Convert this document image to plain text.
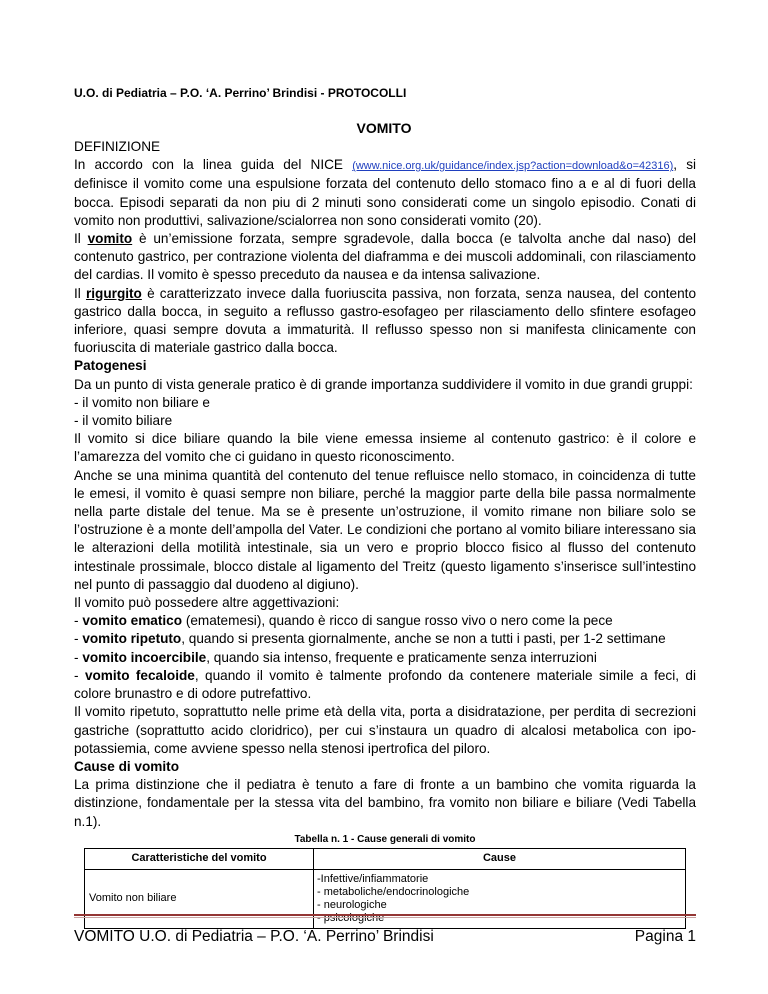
U.O. di Pediatria – P.O. ‘A. Perrino’ Brindisi - PROTOCOLLI
VOMITO
DEFINIZIONE

In accordo con la linea guida del NICE (www.nice.org.uk/guidance/index.jsp?action=download&o=42316), si definisce il vomito come una espulsione forzata del contenuto dello stomaco fino a e al di fuori della bocca. Episodi separati da non piu di 2 minuti sono considerati come un singolo episodio. Conati di vomito non produttivi, salivazione/scialorrea non sono considerati vomito (20).

Il vomito è un’emissione forzata, sempre sgradevole, dalla bocca (e talvolta anche dal naso) del contenuto gastrico, per contrazione violenta del diaframma e dei muscoli addominali, con rilasciamento del cardias. Il vomito è spesso preceduto da nausea e da intensa salivazione.

Il rigurgito è caratterizzato invece dalla fuoriuscita passiva, non forzata, senza nausea, del contento gastrico dalla bocca, in seguito a reflusso gastro-esofageo per rilasciamento dello sfintere esofageo inferiore, quasi sempre dovuta a immaturità. Il reflusso spesso non si manifesta clinicamente con fuoriuscita di materiale gastrico dalla bocca.

Patogenesi

Da un punto di vista generale pratico è di grande importanza suddividere il vomito in due grandi gruppi:

- il vomito non biliare e
- il vomito biliare

Il vomito si dice biliare quando la bile viene emessa insieme al contenuto gastrico: è il colore e l’amarezza del vomito che ci guidano in questo riconoscimento.

Anche se una minima quantità del contenuto del tenue refluisce nello stomaco, in coincidenza di tutte le emesi, il vomito è quasi sempre non biliare, perché la maggior parte della bile passa normalmente nella parte distale del tenue. Ma se è presente un’ostruzione, il vomito rimane non biliare solo se l’ostruzione è a monte dell’ampolla del Vater. Le condizioni che portano al vomito biliare interessano sia le alterazioni della motilità intestinale, sia un vero e proprio blocco fisico al flusso del contenuto intestinale prossimale, blocco distale al ligamento del Treitz (questo ligamento s’inserisce sull’intestino nel punto di passaggio dal duodeno al digiuno).

Il vomito può possedere altre aggettivazioni:

- vomito ematico (ematemesi), quando è ricco di sangue rosso vivo o nero come la pece

- vomito ripetuto, quando si presenta giornalmente, anche se non a tutti i pasti, per 1-2 settimane

- vomito incoercibile, quando sia intenso, frequente e praticamente senza interruzioni

- vomito fecaloide, quando il vomito è talmente profondo da contenere materiale simile a feci, di colore brunastro e di odore putrefattivo.

Il vomito ripetuto, soprattutto nelle prime età della vita, porta a disidratazione, per perdita di secrezioni gastriche (soprattutto acido cloridrico), per cui s’instaura un quadro di alcalosi metabolica con ipo-potassiemia, come avviene spesso nella stenosi ipertrofica del piloro.

Cause di vomito

La prima distinzione che il pediatra è tenuto a fare di fronte a un bambino che vomita riguarda la distinzione, fondamentale per la stessa vita del bambino, fra vomito non biliare e biliare (Vedi Tabella n.1).

Tabella n. 1 - Cause generali di vomito
Caratteristiche del vomito	Cause
Vomito non biliare	-Infettive/infiammatorie
- metaboliche/endocrinologiche
- neurologiche
- psicologiche
VOMITO U.O. di Pediatria – P.O. ‘A. Perrino’ Brindisi	Pagina 1
